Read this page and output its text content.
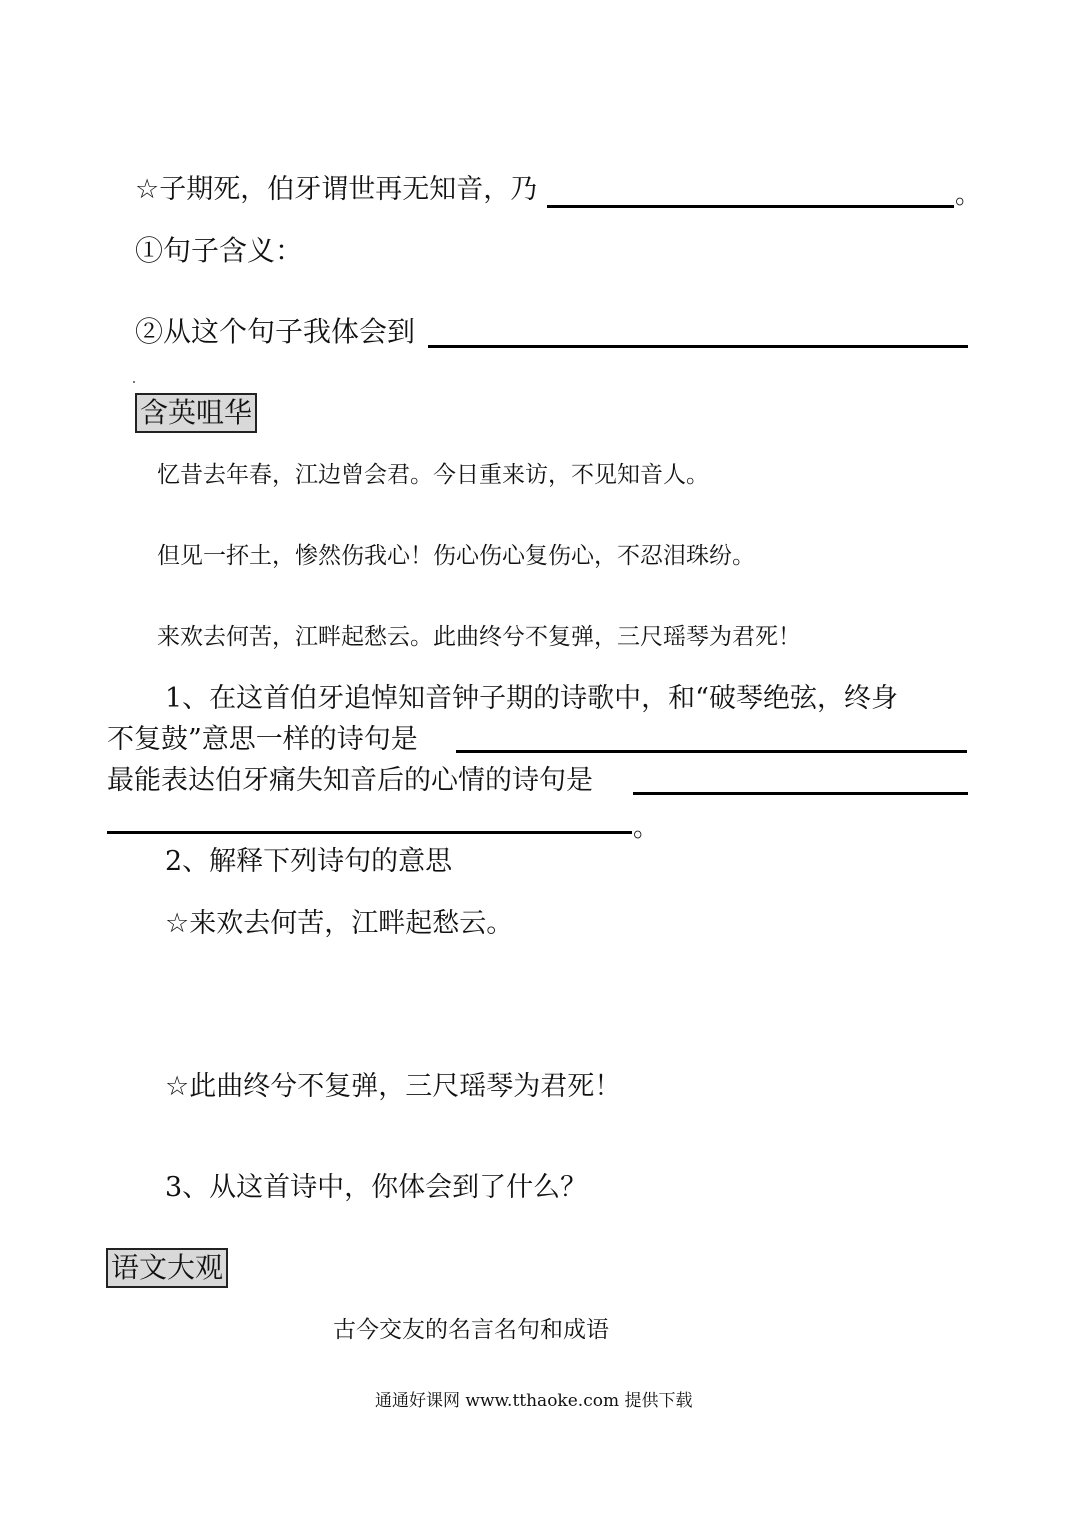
☆子期死，伯牙谓世再无知音，乃	。
①句子含义：
②从这个句子我体会到
含英咀华
忆昔去年春，江边曾会君。今日重来访，不见知音人。
但见一抔土，惨然伤我心！伤心伤心复伤心，不忍泪珠纷。
来欢去何苦，江畔起愁云。此曲终兮不复弹，三尺瑶琴为君死！
1、在这首伯牙追悼知音钟子期的诗歌中，和“破琴绝弦，终身
不复鼓”意思一样的诗句是
最能表达伯牙痛失知音后的心情的诗句是
。
2、解释下列诗句的意思
☆来欢去何苦，江畔起愁云。
☆此曲终兮不复弹，三尺瑶琴为君死！
3、从这首诗中，你体会到了什么？
语文大观
古今交友的名言名句和成语
通通好课网 www.tthaoke.com 提供下载
